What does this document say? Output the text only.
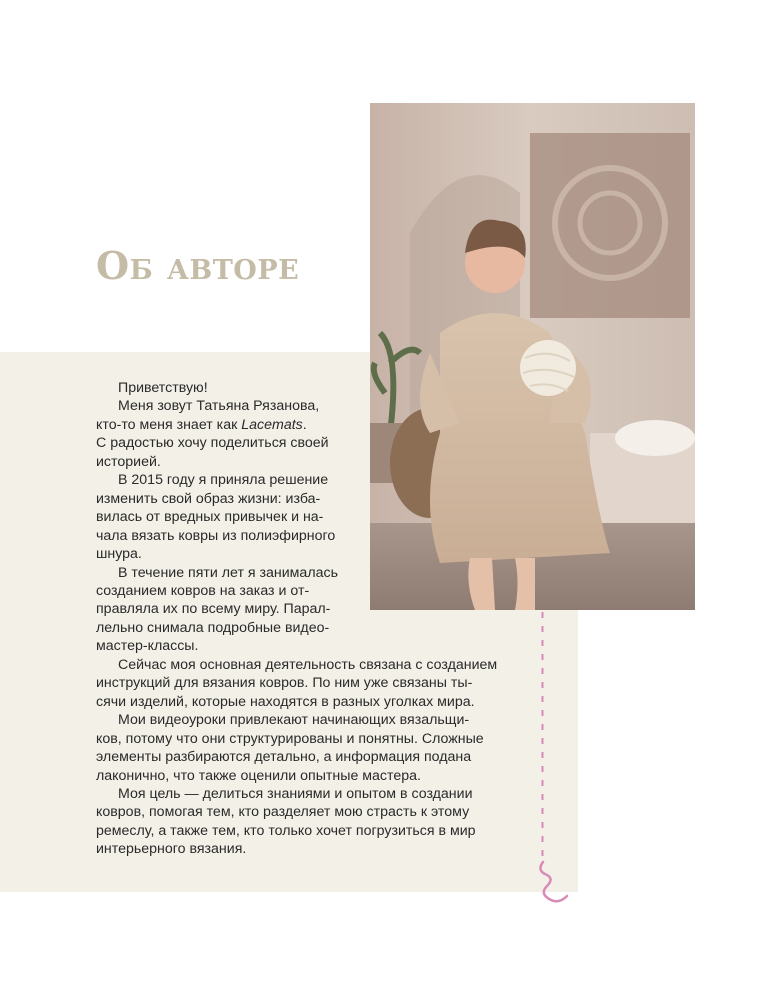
Об авторе

Приветствую!

Меня зовут Татьяна Рязанова,
кто-то меня знает как Lacemats.
С радостью хочу поделиться своей
историей.

В 2015 году я приняла решение
изменить свой образ жизни: изба-
вилась от вредных привычек и на-
чала вязать ковры из полиэфирного
шнура.

В течение пяти лет я занималась
созданием ковров на заказ и от-
правляла их по всему миру. Парал-
лельно снимала подробные видео-
мастер-классы.

Сейчас моя основная деятельность связана с созданием
инструкций для вязания ковров. По ним уже связаны ты-
сячи изделий, которые находятся в разных уголках мира.

Мои видеоуроки привлекают начинающих вязальщи-
ков, потому что они структурированы и понятны. Сложные
элементы разбираются детально, а информация подана
лаконично, что также оценили опытные мастера.

Моя цель — делиться знаниями и опытом в создании
ковров, помогая тем, кто разделяет мою страсть к этому
ремеслу, а также тем, кто только хочет погрузиться в мир
интерьерного вязания.
